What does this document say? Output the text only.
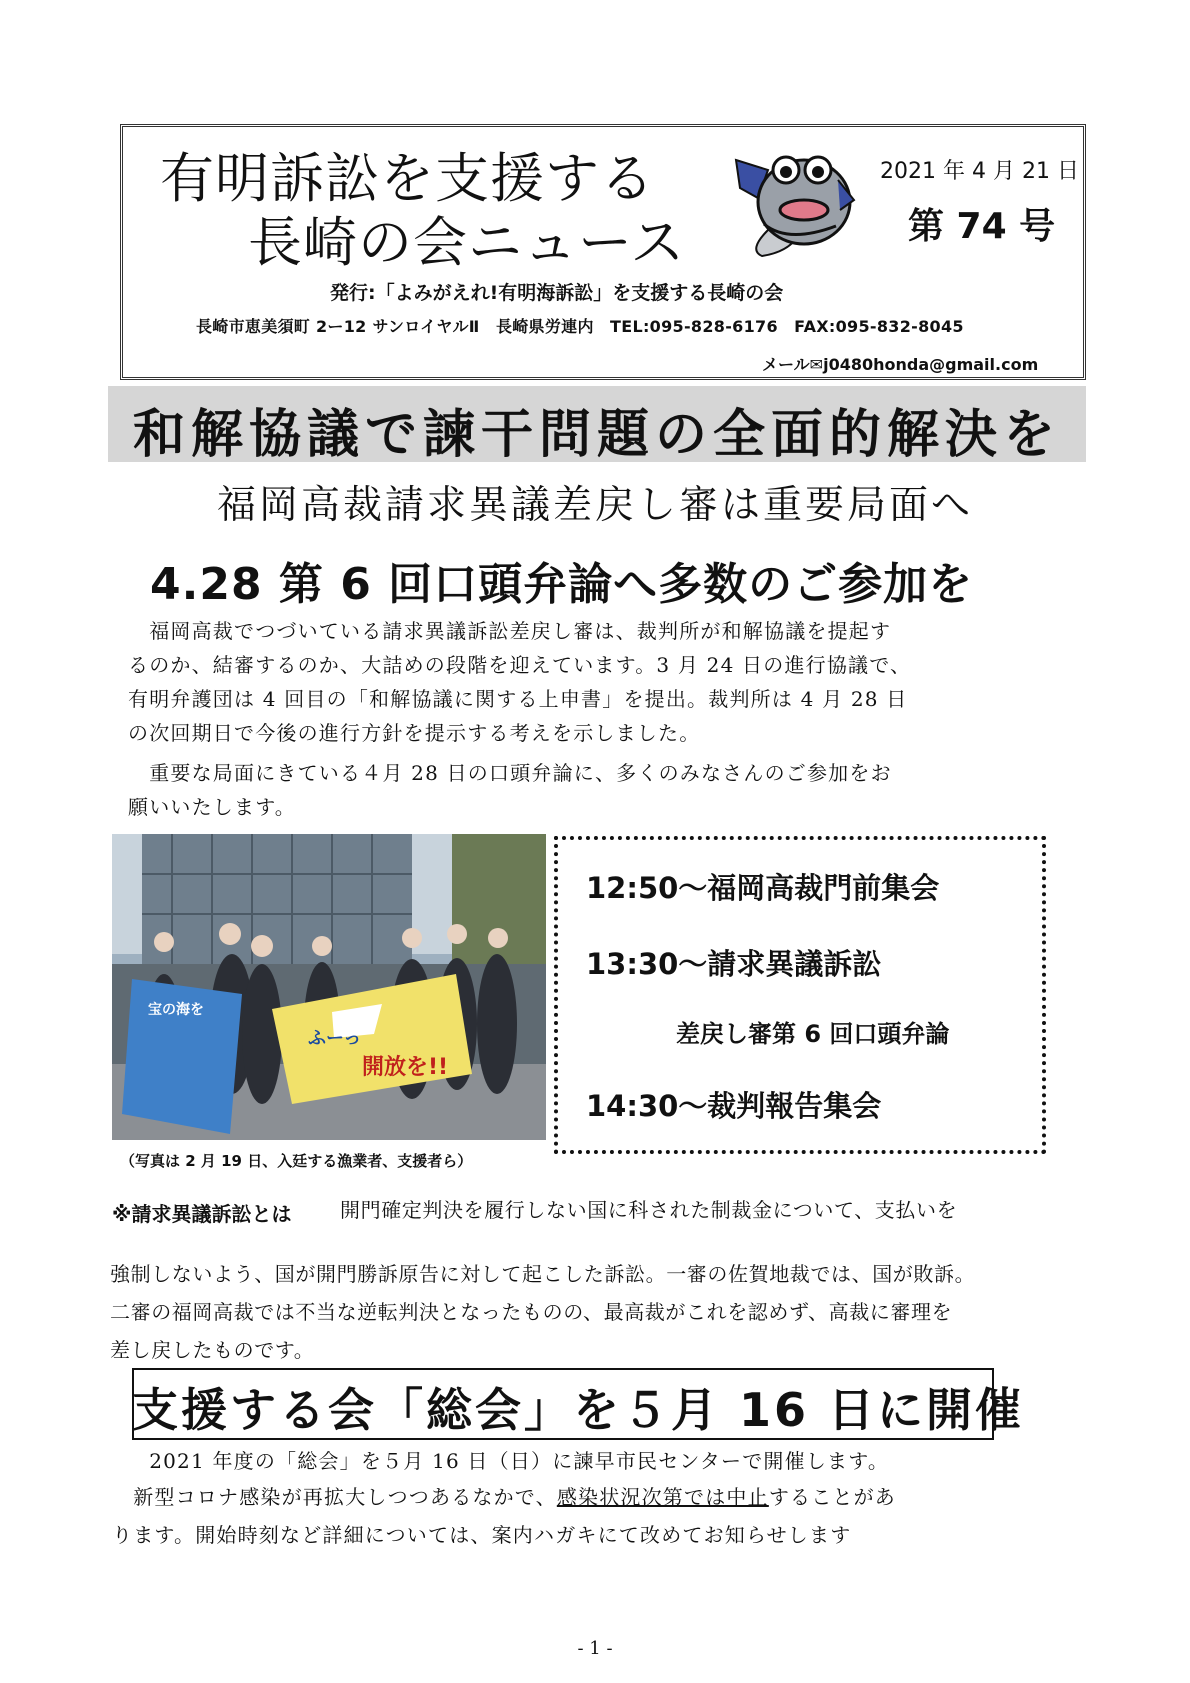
有明訴訟を支援する
長崎の会ニュース
2021 年 4 月 21 日
第 74 号
発行:「よみがえれ!有明海訴訟」を支援する長崎の会
長崎市恵美須町 2ー12 サンロイヤルⅡ　長崎県労連内　TEL:095-828-6176　FAX:095-832-8045
メール✉j0480honda@gmail.com
和解協議で諫干問題の全面的解決を
福岡高裁請求異議差戻し審は重要局面へ
4.28 第 6 回口頭弁論へ多数のご参加を
　福岡高裁でつづいている請求異議訴訟差戻し審は、裁判所が和解協議を提起す
るのか、結審するのか、大詰めの段階を迎えています。3 月 24 日の進行協議で、
有明弁護団は 4 回目の「和解協議に関する上申書」を提出。裁判所は 4 月 28 日
の次回期日で今後の進行方針を提示する考えを示しました。
　重要な局面にきている４月 28 日の口頭弁論に、多くのみなさんのご参加をお
願いいたします。
ふーっ
開放を!!
宝の海を
（写真は 2 月 19 日、入廷する漁業者、支援者ら）
12:50～福岡高裁門前集会
13:30～請求異議訴訟
差戻し審第 6 回口頭弁論
14:30～裁判報告集会
※請求異議訴訟とは 開門確定判決を履行しない国に科された制裁金について、支払いを
強制しないよう、国が開門勝訴原告に対して起こした訴訟。一審の佐賀地裁では、国が敗訴。
二審の福岡高裁では不当な逆転判決となったものの、最高裁がこれを認めず、高裁に審理を
差し戻したものです。
支援する会「総会」を５月 16 日に開催
　2021 年度の「総会」を５月 16 日（日）に諫早市民センターで開催します。
　新型コロナ感染が再拡大しつつあるなかで、感染状況次第では中止することがあ
ります。開始時刻など詳細については、案内ハガキにて改めてお知らせします
- 1 -
